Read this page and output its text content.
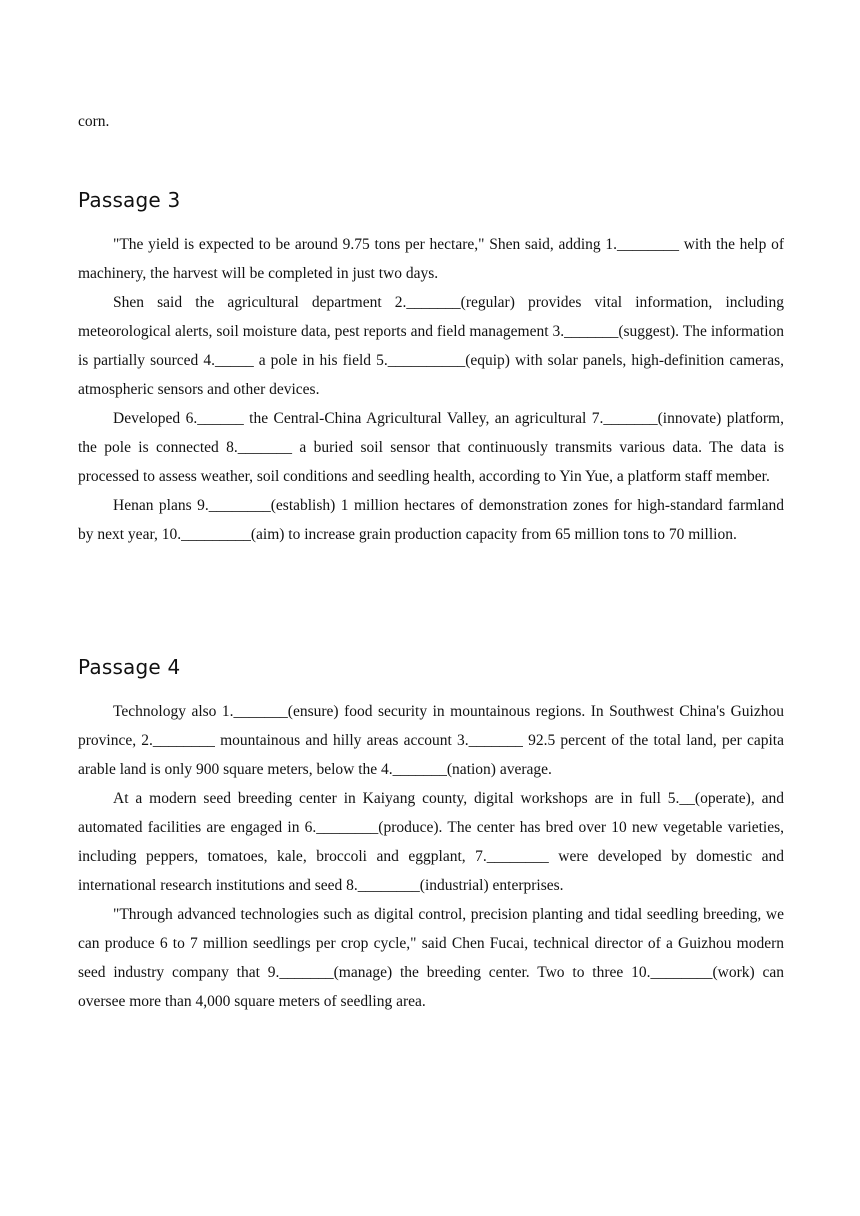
corn.

Passage 3

"The yield is expected to be around 9.75 tons per hectare," Shen said, adding 1.________ with the help of machinery, the harvest will be completed in just two days.

Shen said the agricultural department 2._______(regular) provides vital information, including meteorological alerts, soil moisture data, pest reports and field management 3._______(suggest). The information is partially sourced 4._____ a pole in his field 5.__________(equip) with solar panels, high-definition cameras, atmospheric sensors and other devices.

Developed 6.______ the Central-China Agricultural Valley, an agricultural 7._______(innovate) platform, the pole is connected 8._______ a buried soil sensor that continuously transmits various data. The data is processed to assess weather, soil conditions and seedling health, according to Yin Yue, a platform staff member.

Henan plans 9.________(establish) 1 million hectares of demonstration zones for high-standard farmland by next year, 10._________(aim) to increase grain production capacity from 65 million tons to 70 million.

Passage 4

Technology also 1._______(ensure) food security in mountainous regions. In Southwest China's Guizhou province, 2.________ mountainous and hilly areas account 3._______ 92.5 percent of the total land, per capita arable land is only 900 square meters, below the 4._______(nation) average.

At a modern seed breeding center in Kaiyang county, digital workshops are in full 5.__(operate), and automated facilities are engaged in 6.________(produce). The center has bred over 10 new vegetable varieties, including peppers, tomatoes, kale, broccoli and eggplant, 7.________ were developed by domestic and international research institutions and seed 8.________(industrial) enterprises.

"Through advanced technologies such as digital control, precision planting and tidal seedling breeding, we can produce 6 to 7 million seedlings per crop cycle," said Chen Fucai, technical director of a Guizhou modern seed industry company that 9._______(manage) the breeding center. Two to three 10.________(work) can oversee more than 4,000 square meters of seedling area.
